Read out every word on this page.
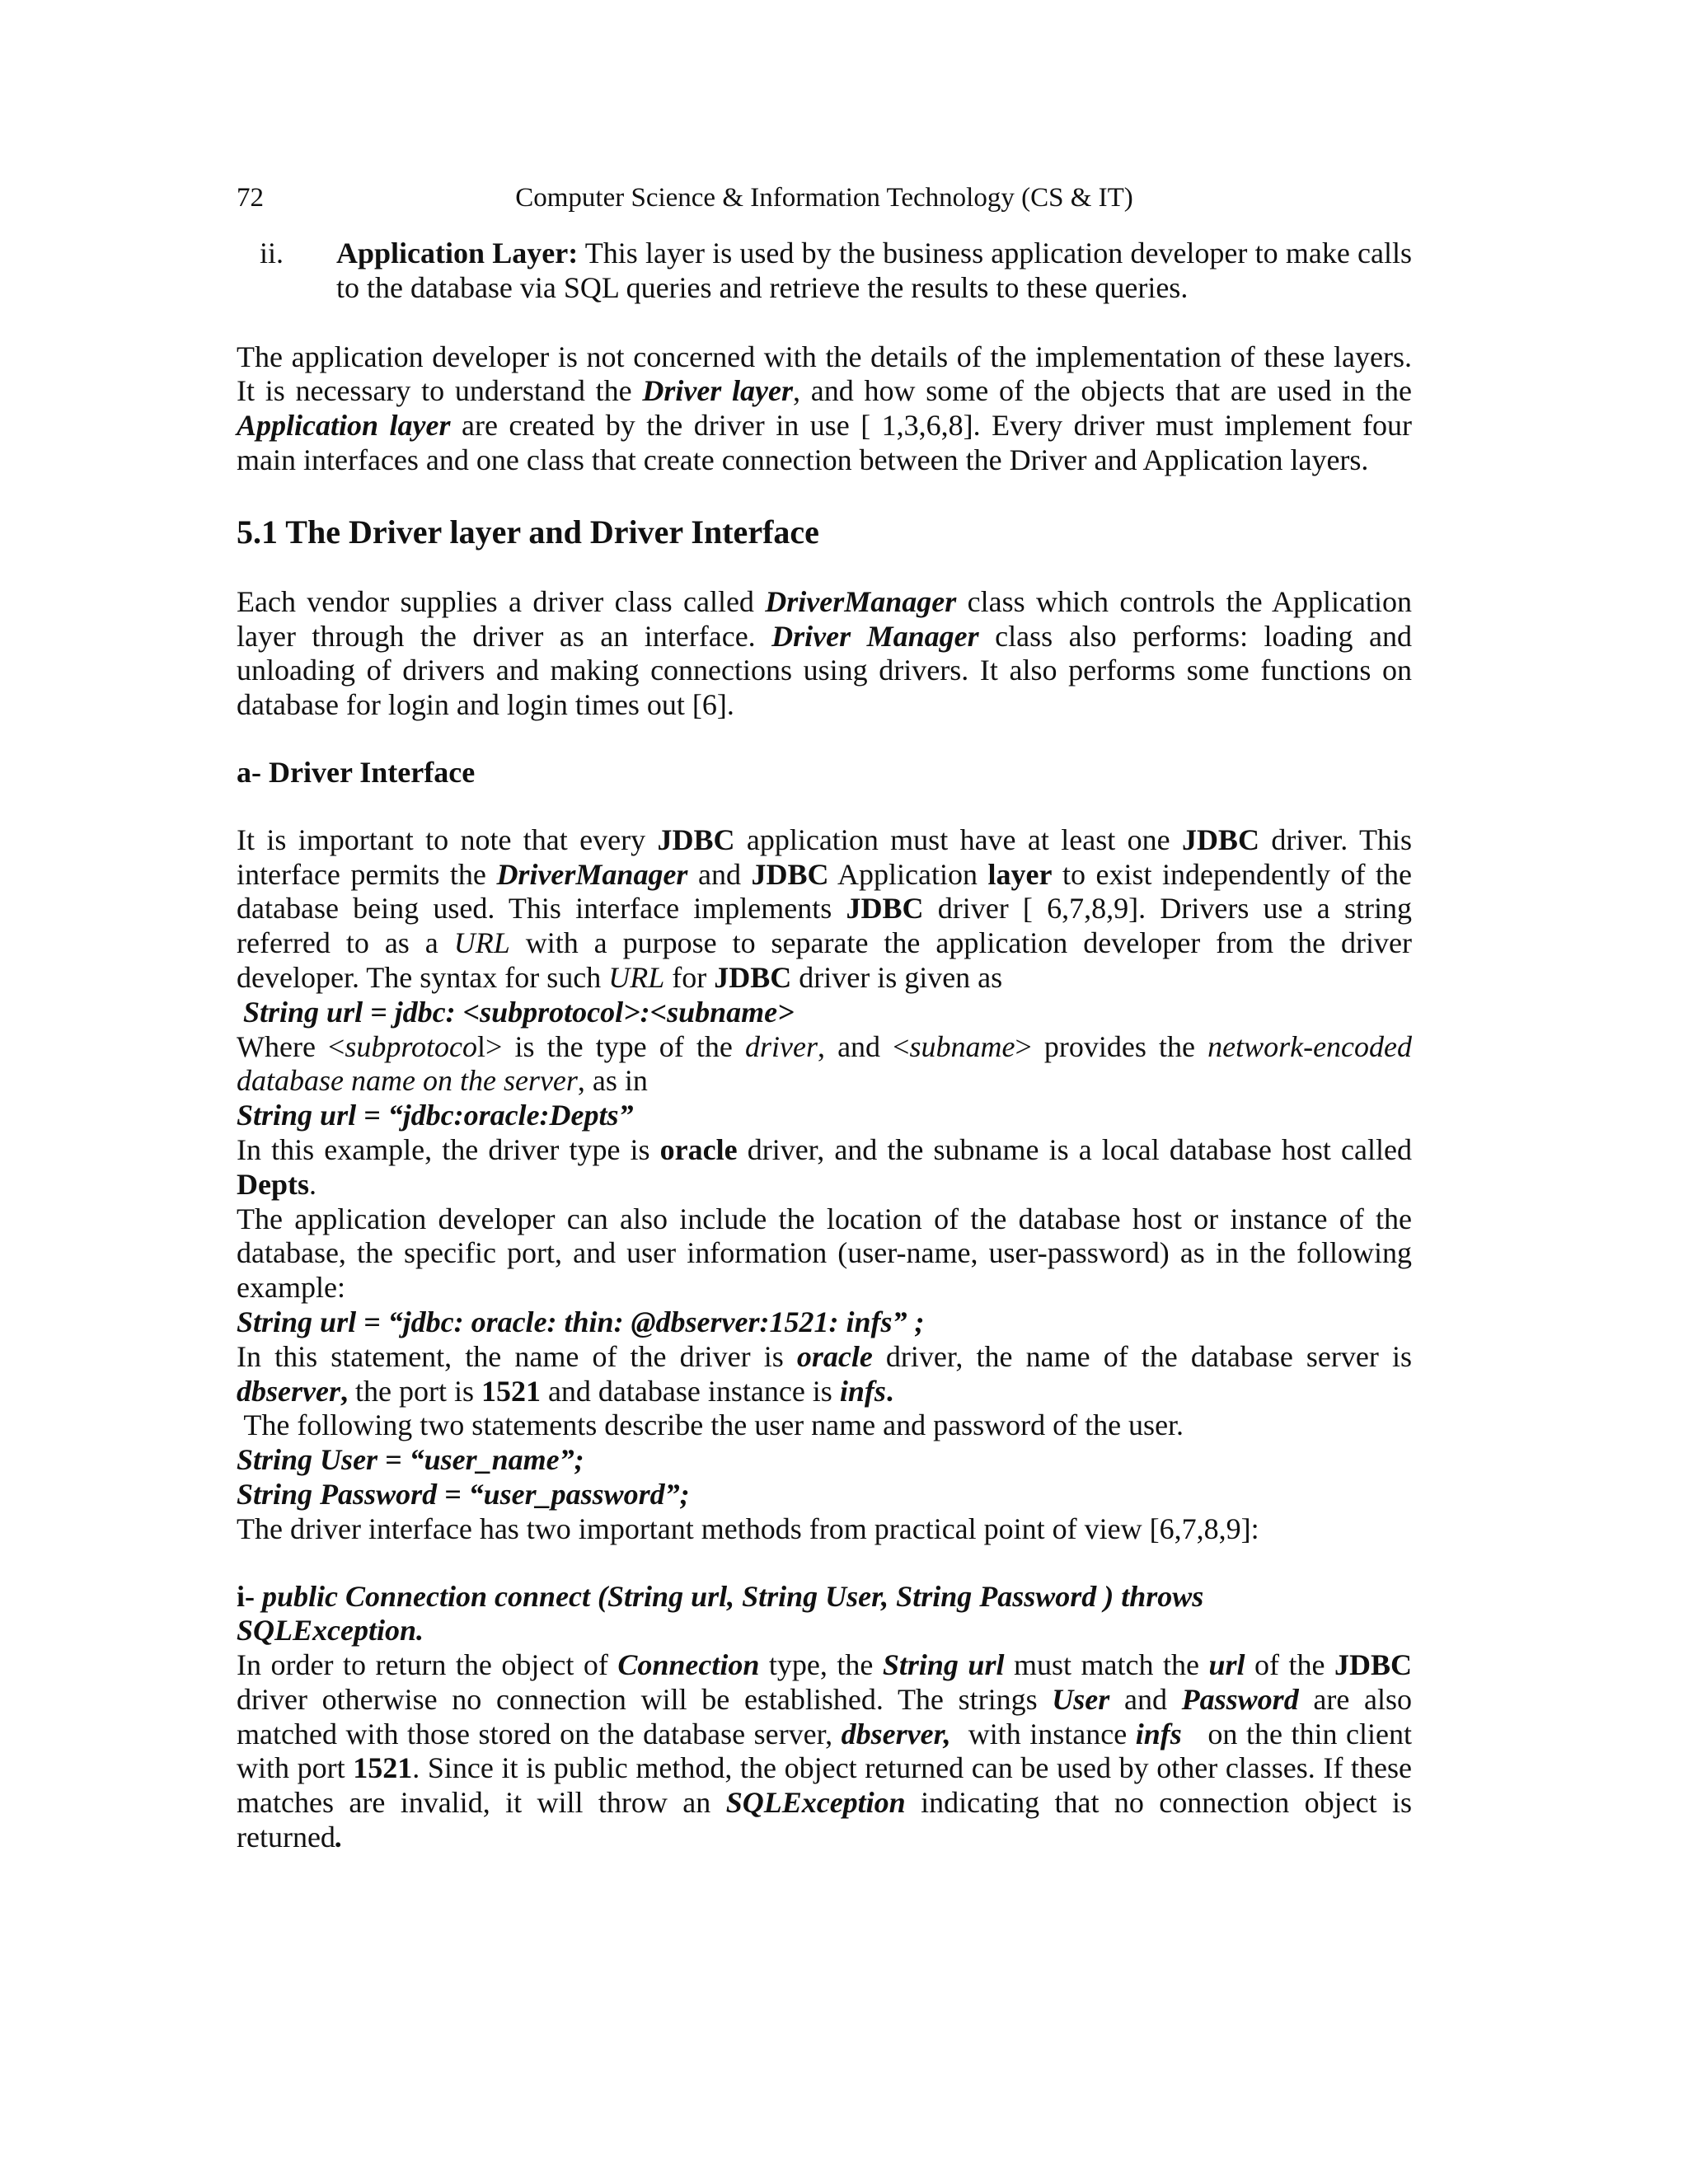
72	Computer Science & Information Technology (CS & IT)
ii.	Application Layer: This layer is used by the business application developer to make calls to the database via SQL queries and retrieve the results to these queries.

The application developer is not concerned with the details of the implementation of these layers. It is necessary to understand the Driver layer, and how some of the objects that are used in the Application layer are created by the driver in use [ 1,3,6,8]. Every driver must implement four main interfaces and one class that create connection between the Driver and Application layers.

5.1 The Driver layer and Driver Interface

Each vendor supplies a driver class called DriverManager class which controls the Application layer through the driver as an interface. Driver Manager class also performs: loading and unloading of drivers and making connections using drivers. It also performs some functions on database for login and login times out [6].

a- Driver Interface

It is important to note that every JDBC application must have at least one JDBC driver. This interface permits the DriverManager and JDBC Application layer to exist independently of the database being used. This interface implements JDBC driver [ 6,7,8,9]. Drivers use a string referred to as a URL with a purpose to separate the application developer from the driver developer. The syntax for such URL for JDBC driver is given as

String url = jdbc: <subprotocol>:<subname>

Where <subprotocol> is the type of the driver, and <subname> provides the network-encoded database name on the server, as in

String url = “jdbc:oracle:Depts”

In this example, the driver type is oracle driver, and the subname is a local database host called Depts.

The application developer can also include the location of the database host or instance of the database, the specific port, and user information (user-name, user-password) as in the following example:

String url = “jdbc: oracle: thin: @dbserver:1521: infs” ;

In this statement, the name of the driver is oracle driver, the name of the database server is dbserver, the port is 1521 and database instance is infs.

The following two statements describe the user name and password of the user.

String User = “user_name”;

String Password = “user_password”;

The driver interface has two important methods from practical point of view [6,7,8,9]:

i- public Connection connect (String url, String User, String Password ) throws
SQLException.

In order to return the object of Connection type, the String url must match the url of the JDBC driver otherwise no connection will be established. The strings User and Password are also matched with those stored on the database server, dbserver,  with instance infs   on the thin client with port 1521. Since it is public method, the object returned can be used by other classes. If these matches are invalid, it will throw an SQLException indicating that no connection object is returned.
